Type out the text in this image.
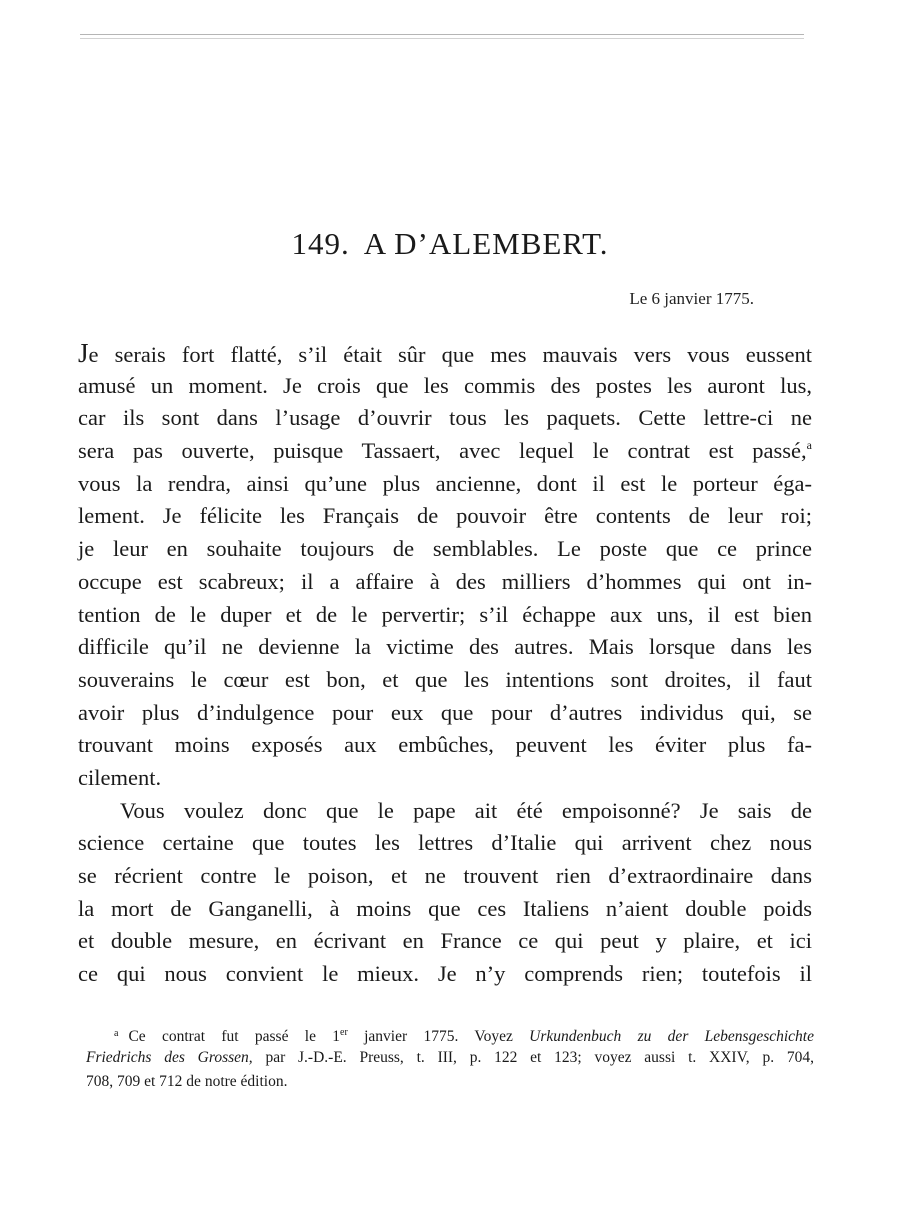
149. A D’ALEMBERT.
Le 6 janvier 1775.
Je serais fort flatté, s’il était sûr que mes mauvais vers vous eussent
amusé un moment. Je crois que les commis des postes les auront lus,
car ils sont dans l’usage d’ouvrir tous les paquets. Cette lettre-ci ne
sera pas ouverte, puisque Tassaert, avec lequel le contrat est passé,$^a$
vous la rendra, ainsi qu’une plus ancienne, dont il est le porteur éga-
lement. Je félicite les Français de pouvoir être contents de leur roi;
je leur en souhaite toujours de semblables. Le poste que ce prince
occupe est scabreux; il a affaire à des milliers d’hommes qui ont in-
tention de le duper et de le pervertir; s’il échappe aux uns, il est bien
difficile qu’il ne devienne la victime des autres. Mais lorsque dans les
souverains le cœur est bon, et que les intentions sont droites, il faut
avoir plus d’indulgence pour eux que pour d’autres individus qui, se
trouvant moins exposés aux embûches, peuvent les éviter plus fa-
cilement.
Vous voulez donc que le pape ait été empoisonné? Je sais de
science certaine que toutes les lettres d’Italie qui arrivent chez nous
se récrient contre le poison, et ne trouvent rien d’extraordinaire dans
la mort de Ganganelli, à moins que ces Italiens n’aient double poids
et double mesure, en écrivant en France ce qui peut y plaire, et ici
ce qui nous convient le mieux. Je n’y comprends rien; toutefois il
$^a$ Ce contrat fut passé le 1er janvier 1775. Voyez Urkundenbuch zu der Lebensgeschichte
Friedrichs des Grossen, par J.-D.-E. Preuss, t. III, p. 122 et 123; voyez aussi t. XXIV, p. 704,
708, 709 et 712 de notre édition.
